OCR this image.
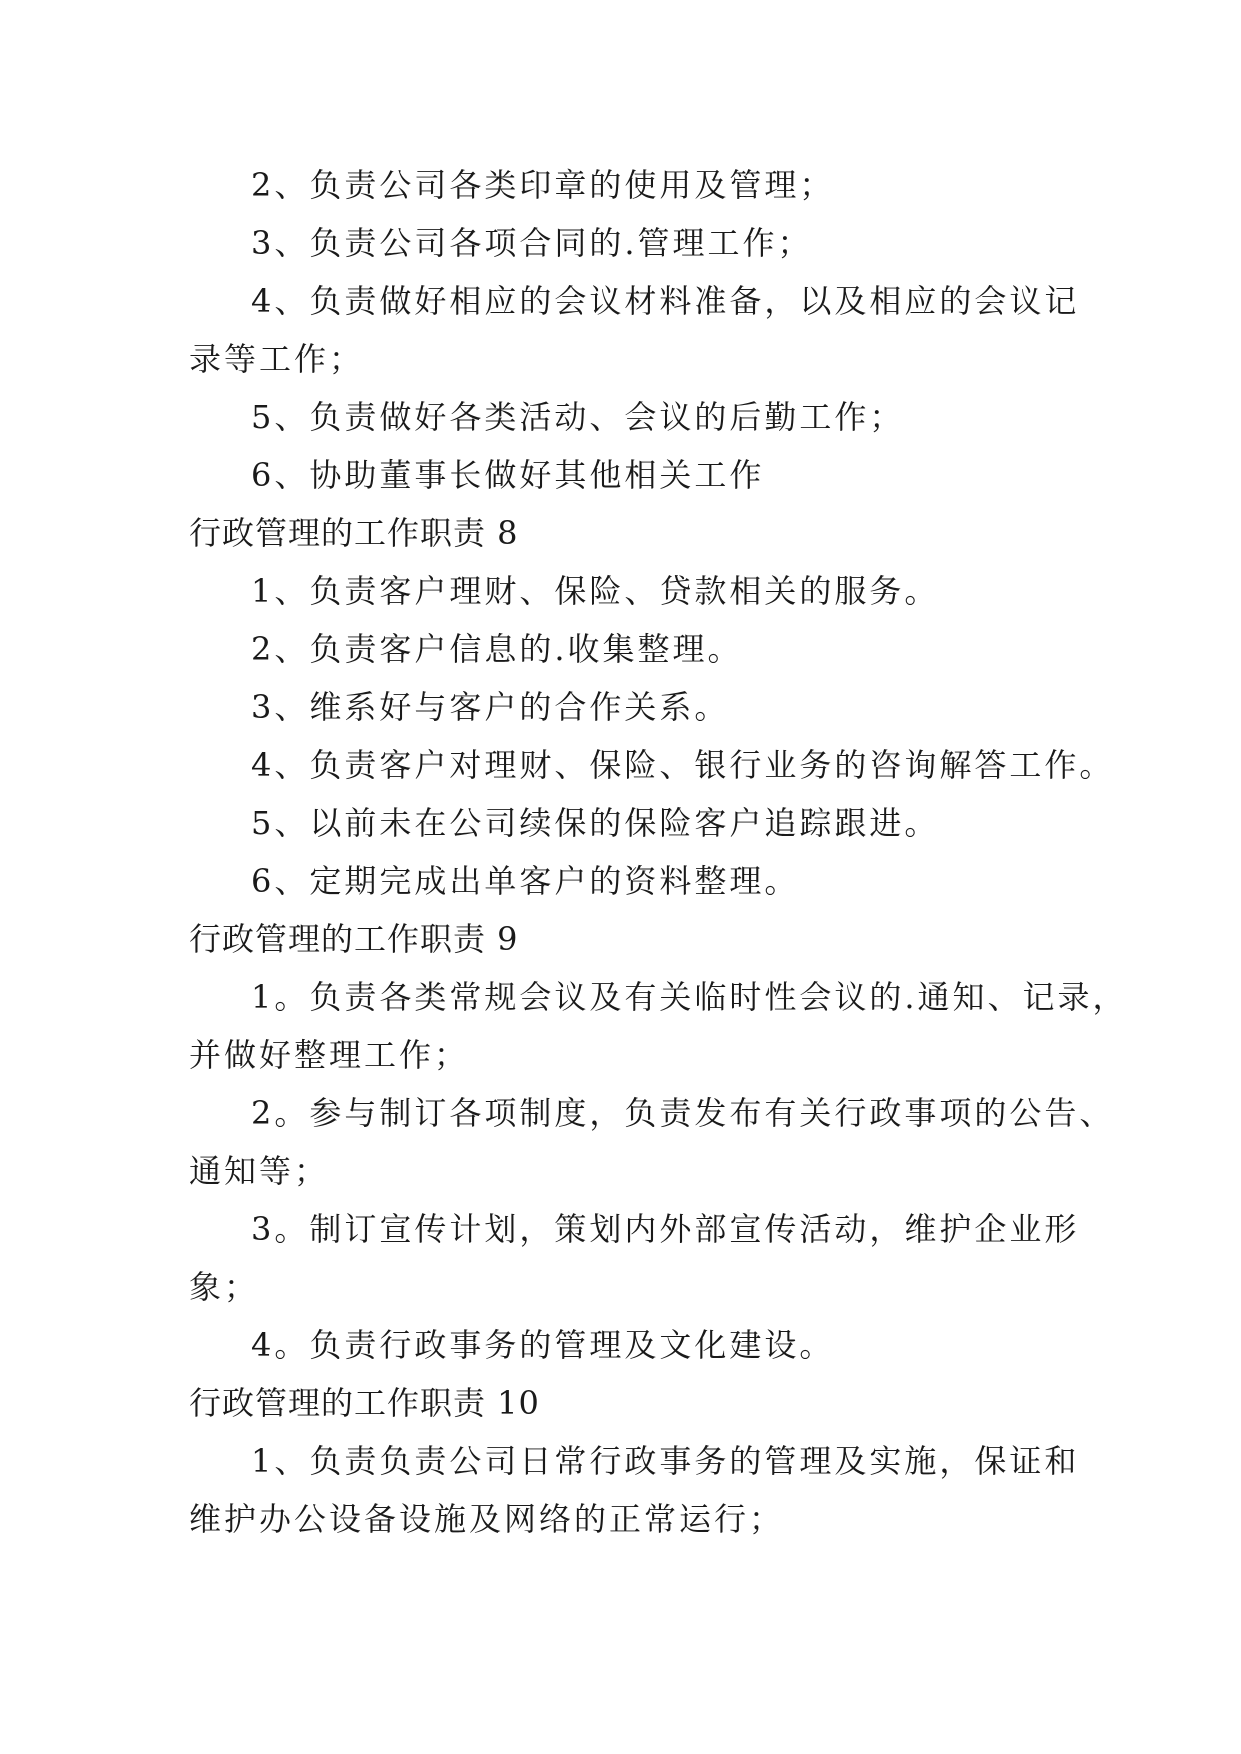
2、负责公司各类印章的使用及管理；
3、负责公司各项合同的.管理工作；
4、负责做好相应的会议材料准备，以及相应的会议记
录等工作；
5、负责做好各类活动、会议的后勤工作；
6、协助董事长做好其他相关工作
行政管理的工作职责 8
1、负责客户理财、保险、贷款相关的服务。
2、负责客户信息的.收集整理。
3、维系好与客户的合作关系。
4、负责客户对理财、保险、银行业务的咨询解答工作。
5、以前未在公司续保的保险客户追踪跟进。
6、定期完成出单客户的资料整理。
行政管理的工作职责 9
1。负责各类常规会议及有关临时性会议的.通知、记录，
并做好整理工作；
2。参与制订各项制度，负责发布有关行政事项的公告、
通知等；
3。制订宣传计划，策划内外部宣传活动，维护企业形
象；
4。负责行政事务的管理及文化建设。
行政管理的工作职责 10
1、负责负责公司日常行政事务的管理及实施，保证和
维护办公设备设施及网络的正常运行；
